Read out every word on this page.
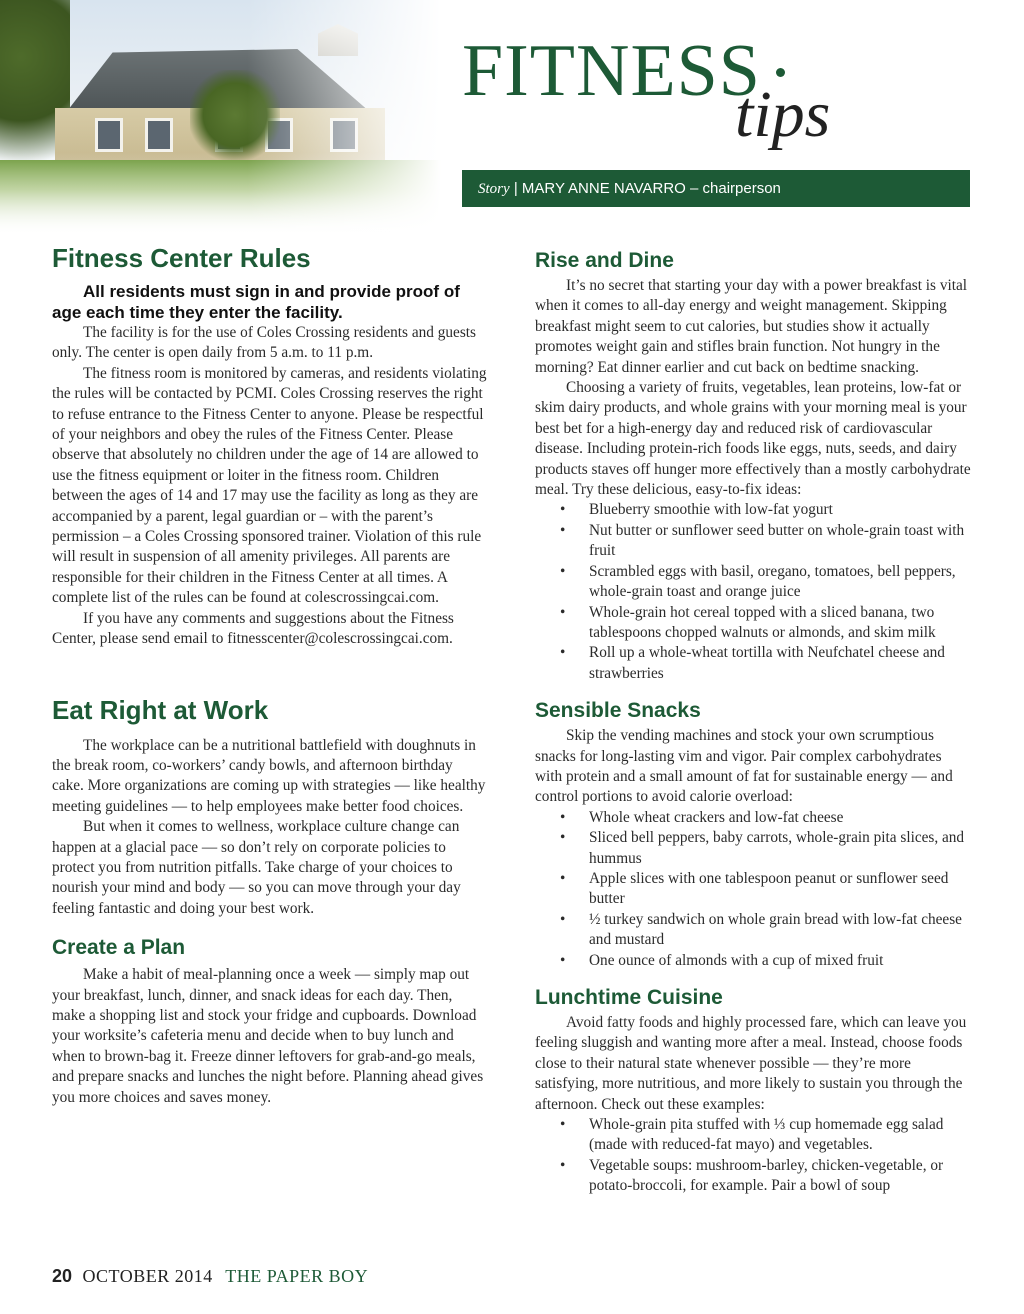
FITNESS
tips
Story | MARY ANNE NAVARRO – chairperson
Fitness Center Rules

All residents must sign in and provide proof of age each time they enter the facility.

The facility is for the use of Coles Crossing residents and guests only. The center is open daily from 5 a.m. to 11 p.m.

The fitness room is monitored by cameras, and residents violating the rules will be contacted by PCMI. Coles Crossing reserves the right to refuse entrance to the Fitness Center to anyone. Please be respectful of your neighbors and obey the rules of the Fitness Center. Please observe that absolutely no children under the age of 14 are allowed to use the fitness equipment or loiter in the fitness room. Children between the ages of 14 and 17 may use the facility as long as they are accompanied by a parent, legal guardian or – with the parent’s permission – a Coles Crossing sponsored trainer. Violation of this rule will result in suspension of all amenity privileges. All parents are responsible for their children in the Fitness Center at all times. A complete list of the rules can be found at colescrossingcai.com.

If you have any comments and suggestions about the Fitness Center, please send email to fitnesscenter@colescrossingcai.com.

Eat Right at Work

The workplace can be a nutritional battlefield with doughnuts in the break room, co-workers’ candy bowls, and afternoon birthday cake. More organizations are coming up with strategies — like healthy meeting guidelines — to help employees make better food choices.

But when it comes to wellness, workplace culture change can happen at a glacial pace — so don’t rely on corporate policies to protect you from nutrition pitfalls. Take charge of your choices to nourish your mind and body — so you can move through your day feeling fantastic and doing your best work.

Create a Plan

Make a habit of meal-planning once a week — simply map out your breakfast, lunch, dinner, and snack ideas for each day. Then, make a shopping list and stock your fridge and cupboards. Download your worksite’s cafeteria menu and decide when to buy lunch and when to brown-bag it. Freeze dinner leftovers for grab-and-go meals, and prepare snacks and lunches the night before. Planning ahead gives you more choices and saves money.

Rise and Dine

It’s no secret that starting your day with a power breakfast is vital when it comes to all-day energy and weight management. Skipping breakfast might seem to cut calories, but studies show it actually promotes weight gain and stifles brain function. Not hungry in the morning? Eat dinner earlier and cut back on bedtime snacking.

Choosing a variety of fruits, vegetables, lean proteins, low-fat or skim dairy products, and whole grains with your morning meal is your best bet for a high-energy day and reduced risk of cardiovascular disease. Including protein-rich foods like eggs, nuts, seeds, and dairy products staves off hunger more effectively than a mostly carbohydrate meal. Try these delicious, easy-to-fix ideas:

• Blueberry smoothie with low-fat yogurt
• Nut butter or sunflower seed butter on whole-grain toast with fruit
• Scrambled eggs with basil, oregano, tomatoes, bell peppers, whole-grain toast and orange juice
• Whole-grain hot cereal topped with a sliced banana, two tablespoons chopped walnuts or almonds, and skim milk
• Roll up a whole-wheat tortilla with Neufchatel cheese and strawberries
Sensible Snacks

Skip the vending machines and stock your own scrumptious snacks for long-lasting vim and vigor. Pair complex carbohydrates with protein and a small amount of fat for sustainable energy — and control portions to avoid calorie overload:

• Whole wheat crackers and low-fat cheese
• Sliced bell peppers, baby carrots, whole-grain pita slices, and hummus
• Apple slices with one tablespoon peanut or sunflower seed butter
• ½ turkey sandwich on whole grain bread with low-fat cheese and mustard
• One ounce of almonds with a cup of mixed fruit
Lunchtime Cuisine

Avoid fatty foods and highly processed fare, which can leave you feeling sluggish and wanting more after a meal. Instead, choose foods close to their natural state whenever possible — they’re more satisfying, more nutritious, and more likely to sustain you through the afternoon. Check out these examples:

• Whole-grain pita stuffed with ⅓ cup homemade egg salad (made with reduced-fat mayo) and vegetables.
• Vegetable soups: mushroom-barley, chicken-vegetable, or potato-broccoli, for example. Pair a bowl of soup
20 OCTOBER 2014 THE PAPER BOY
